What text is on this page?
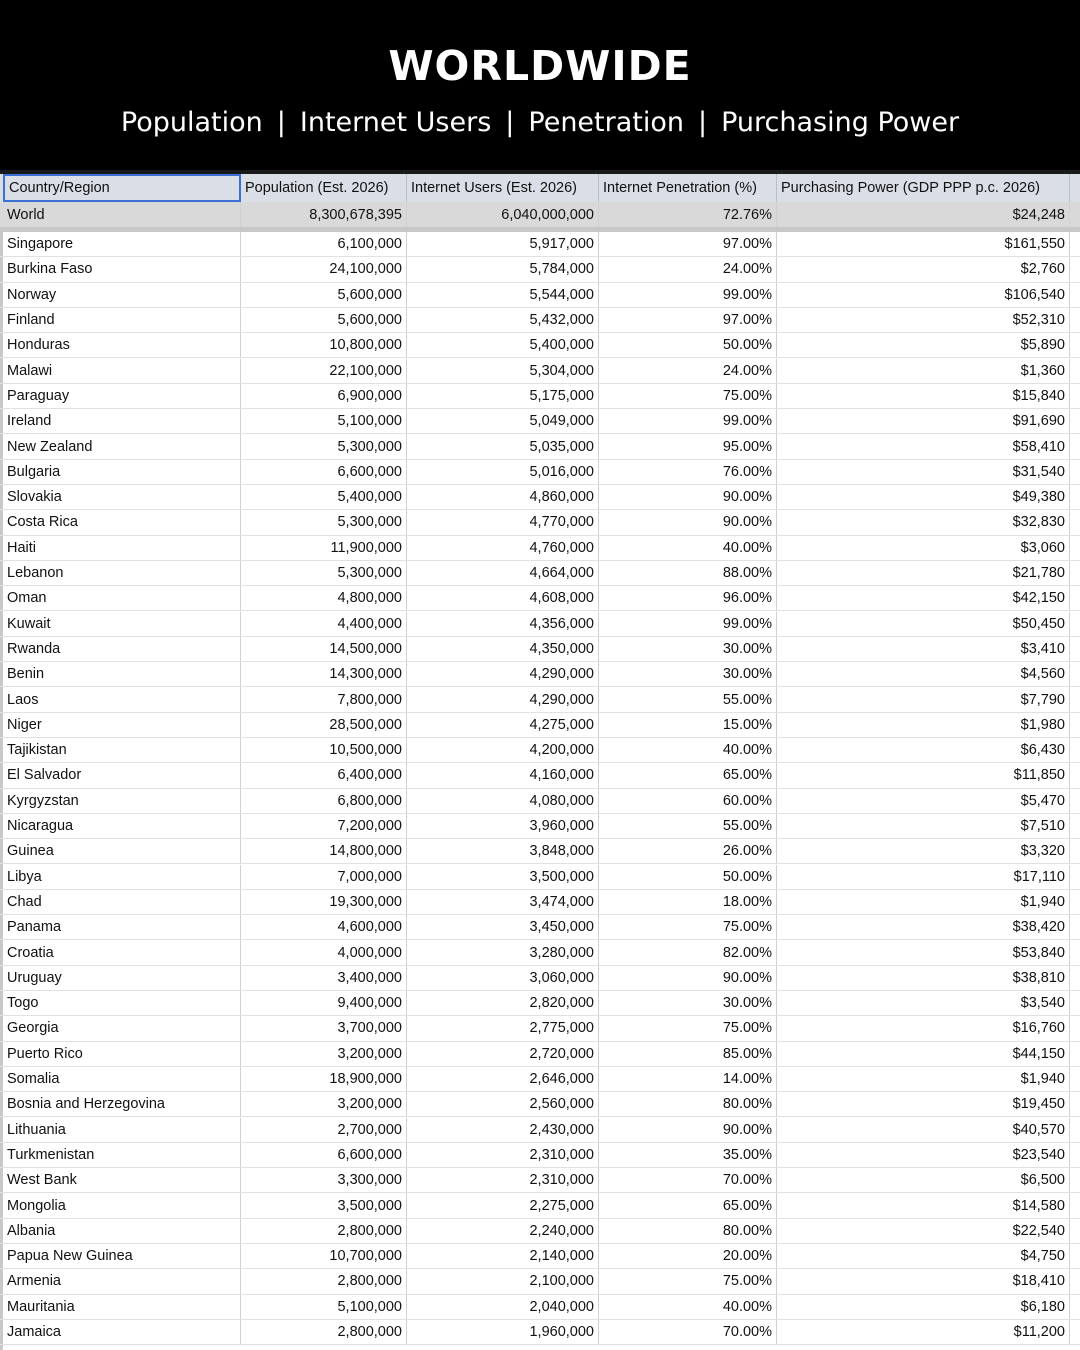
WORLDWIDE
Population | Internet Users | Penetration | Purchasing Power
Country/Region	Population (Est. 2026)	Internet Users (Est. 2026)	Internet Penetration (%)	Purchasing Power (GDP PPP p.c. 2026)
World	8,300,678,395	6,040,000,000	72.76%	$24,248
Singapore	6,100,000	5,917,000	97.00%	$161,550
Burkina Faso	24,100,000	5,784,000	24.00%	$2,760
Norway	5,600,000	5,544,000	99.00%	$106,540
Finland	5,600,000	5,432,000	97.00%	$52,310
Honduras	10,800,000	5,400,000	50.00%	$5,890
Malawi	22,100,000	5,304,000	24.00%	$1,360
Paraguay	6,900,000	5,175,000	75.00%	$15,840
Ireland	5,100,000	5,049,000	99.00%	$91,690
New Zealand	5,300,000	5,035,000	95.00%	$58,410
Bulgaria	6,600,000	5,016,000	76.00%	$31,540
Slovakia	5,400,000	4,860,000	90.00%	$49,380
Costa Rica	5,300,000	4,770,000	90.00%	$32,830
Haiti	11,900,000	4,760,000	40.00%	$3,060
Lebanon	5,300,000	4,664,000	88.00%	$21,780
Oman	4,800,000	4,608,000	96.00%	$42,150
Kuwait	4,400,000	4,356,000	99.00%	$50,450
Rwanda	14,500,000	4,350,000	30.00%	$3,410
Benin	14,300,000	4,290,000	30.00%	$4,560
Laos	7,800,000	4,290,000	55.00%	$7,790
Niger	28,500,000	4,275,000	15.00%	$1,980
Tajikistan	10,500,000	4,200,000	40.00%	$6,430
El Salvador	6,400,000	4,160,000	65.00%	$11,850
Kyrgyzstan	6,800,000	4,080,000	60.00%	$5,470
Nicaragua	7,200,000	3,960,000	55.00%	$7,510
Guinea	14,800,000	3,848,000	26.00%	$3,320
Libya	7,000,000	3,500,000	50.00%	$17,110
Chad	19,300,000	3,474,000	18.00%	$1,940
Panama	4,600,000	3,450,000	75.00%	$38,420
Croatia	4,000,000	3,280,000	82.00%	$53,840
Uruguay	3,400,000	3,060,000	90.00%	$38,810
Togo	9,400,000	2,820,000	30.00%	$3,540
Georgia	3,700,000	2,775,000	75.00%	$16,760
Puerto Rico	3,200,000	2,720,000	85.00%	$44,150
Somalia	18,900,000	2,646,000	14.00%	$1,940
Bosnia and Herzegovina	3,200,000	2,560,000	80.00%	$19,450
Lithuania	2,700,000	2,430,000	90.00%	$40,570
Turkmenistan	6,600,000	2,310,000	35.00%	$23,540
West Bank	3,300,000	2,310,000	70.00%	$6,500
Mongolia	3,500,000	2,275,000	65.00%	$14,580
Albania	2,800,000	2,240,000	80.00%	$22,540
Papua New Guinea	10,700,000	2,140,000	20.00%	$4,750
Armenia	2,800,000	2,100,000	75.00%	$18,410
Mauritania	5,100,000	2,040,000	40.00%	$6,180
Jamaica	2,800,000	1,960,000	70.00%	$11,200
